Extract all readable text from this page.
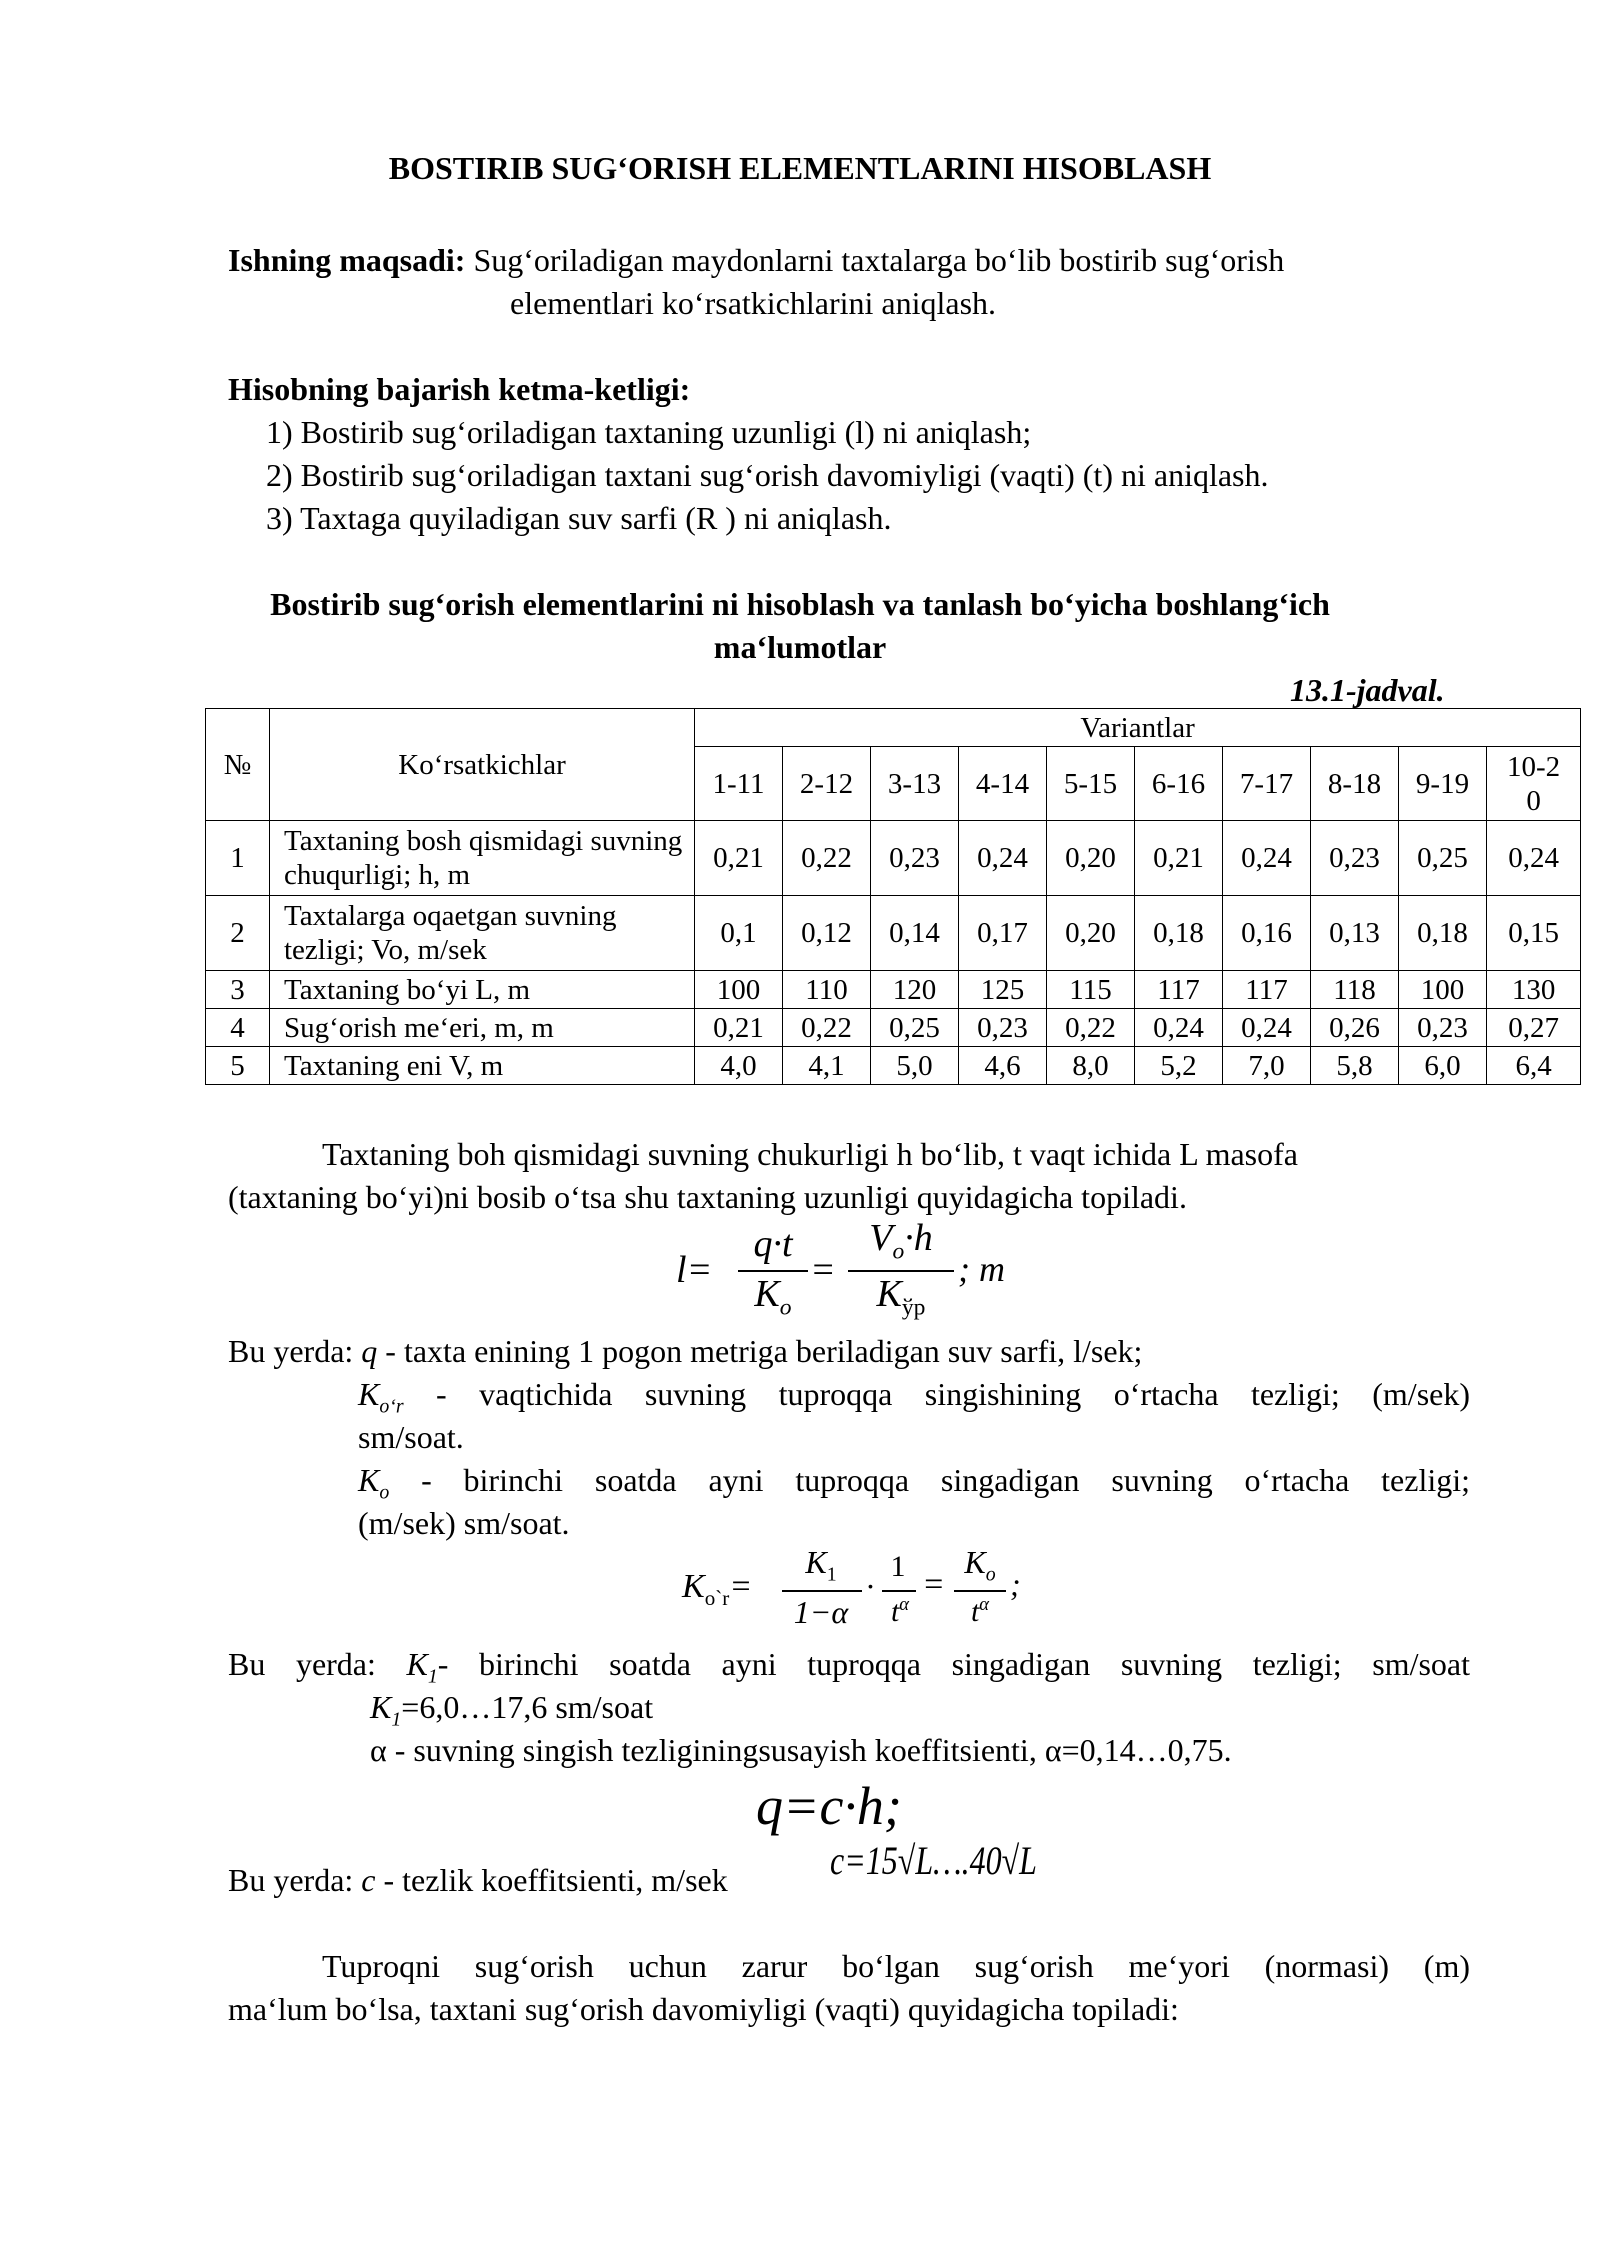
BOSTIRIB SUGʻORISH ELEMENTLARINI HISOBLASH
Ishning maqsadi: Sugʻoriladigan maydonlarni taxtalarga boʻlib bostirib sugʻorish
elementlari koʻrsatkichlarini aniqlash.
Hisobning bajarish ketma-ketligi:
1) Bostirib sugʻoriladigan taxtaning uzunligi (l) ni aniqlash;
2) Bostirib sugʻoriladigan taxtani sugʻorish davomiyligi (vaqti) (t) ni aniqlash.
3) Taxtaga quyiladigan suv sarfi (R ) ni aniqlash.
Bostirib sugʻorish elementlarini ni hisoblash va tanlash boʻyicha boshlangʻich
maʻlumotlar
13.1-jadval.
№	Koʻrsatkichlar	Variantlar									
		1-11	2-12	3-13	4-14	5-15	6-16	7-17	8-18	9-19	10-20
1	Taxtaning bosh qismidagi suvning chuqurligi; h, m	0,21	0,22	0,23	0,24	0,20	0,21	0,24	0,23	0,25	0,24
2	Taxtalarga oqaetgan suvning tezligi; Vo, m/sek	0,1	0,12	0,14	0,17	0,20	0,18	0,16	0,13	0,18	0,15
3	Taxtaning boʻyi L, m	100	110	120	125	115	117	117	118	100	130
4	Sugʻorish meʻeri, m, m	0,21	0,22	0,25	0,23	0,22	0,24	0,24	0,26	0,23	0,27
5	Taxtaning eni V, m	4,0	4,1	5,0	4,6	8,0	5,2	7,0	5,8	6,0	6,4
Taxtaning boh qismidagi suvning chukurligi h boʻlib, t vaqt ichida L masofa
(taxtaning boʻyi)ni bosib oʻtsa shu taxtaning uzunligi quyidagicha topiladi.
l=
q·t
$K_o$
=
$V_o\cdot h$
$K_{ўр}$
; m
Bu yerda: q - taxta enining 1 pogon metriga beriladigan suv sarfi, l/sek;
$K_{oʻr}$ - vaqtichida suvning tuproqqa singishining oʻrtacha tezligi; (m/sek)
sm/soat.
$K_o$ - birinchi soatda ayni tuproqqa singadigan suvning oʻrtacha tezligi;
(m/sek) sm/soat.
$K_{o`r}=$
$K_1$
1−α
·
1
$t^\alpha$
=
$K_o$
$t^\alpha$
;
Bu yerda: $K_1-$ birinchi soatda ayni tuproqqa singadigan suvning tezligi; sm/soat
$K_1=6,0\dots 17,6$ sm/soat
α - suvning singish tezliginingsusayish koeffitsienti, α=0,14…0,75.
q=c·h;
Bu yerda: c - tezlik koeffitsienti, m/sek	c=15√L….40√L
Tuproqni sugʻorish uchun zarur boʻlgan sugʻorish meʻyori (normasi) (m)
maʻlum boʻlsa, taxtani sugʻorish davomiyligi (vaqti) quyidagicha topiladi:
